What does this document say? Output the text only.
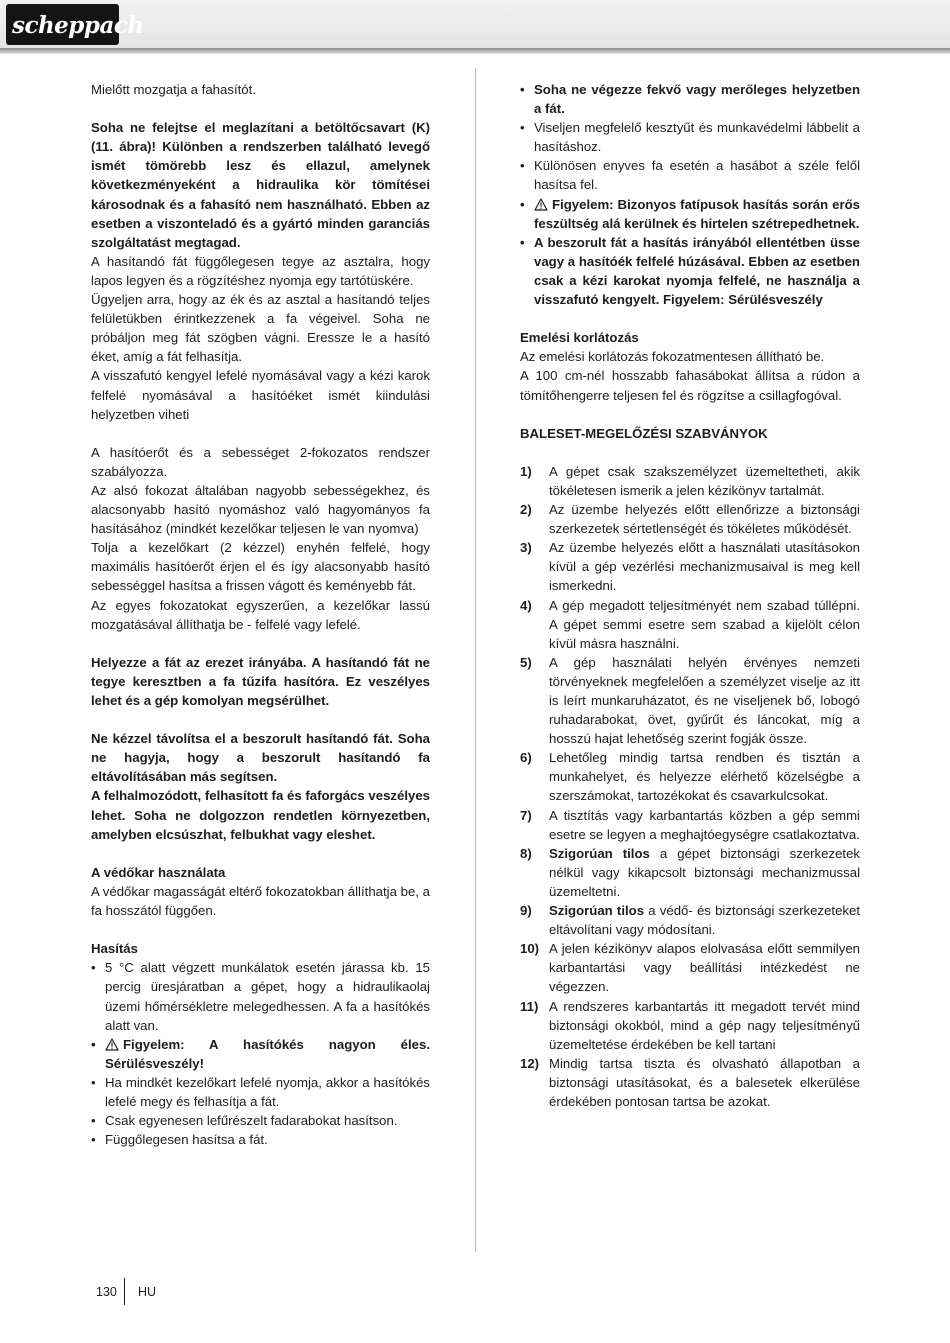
scheppach

Mielőtt mozgatja a fahasítót.

Soha ne felejtse el meglazítani a betöltőcsavart (K) (11. ábra)! Különben a rendszerben található levegő ismét tömörebb lesz és ellazul, amelynek következményeként a hidraulika kör tömítései károsodnak és a fahasító nem használható. Ebben az esetben a viszonteladó és a gyártó minden garanciás szolgáltatást megtagad.

A hasítandó fát függőlegesen tegye az asztalra, hogy lapos legyen és a rögzítéshez nyomja egy tartótüskére.

Ügyeljen arra, hogy az ék és az asztal a hasítandó teljes felületükben érintkezzenek a fa végeivel. Soha ne próbáljon meg fát szögben vágni. Eressze le a hasító éket, amíg a fát felhasítja.

A visszafutó kengyel lefelé nyomásával vagy a kézi karok felfelé nyomásával a hasítóéket ismét kiindulási helyzetben viheti

A hasítóerőt és a sebességet 2-fokozatos rendszer szabályozza.

Az alsó fokozat általában nagyobb sebességekhez, és alacsonyabb hasító nyomáshoz való hagyományos fa hasításához (mindkét kezelőkar teljesen le van nyomva)

Tolja a kezelőkart (2 kézzel) enyhén felfelé, hogy maximális hasítóerőt érjen el és így alacsonyabb hasító sebességgel hasítsa a frissen vágott és keményebb fát.

Az egyes fokozatokat egyszerűen, a kezelőkar lassú mozgatásával állíthatja be - felfelé vagy lefelé.

Helyezze a fát az erezet irányába. A hasítandó fát ne tegye keresztben a fa tűzifa hasítóra. Ez veszélyes lehet és a gép komolyan megsérülhet.

Ne kézzel távolítsa el a beszorult hasítandó fát. Soha ne hagyja, hogy a beszorult hasítandó fa eltávolításában más segítsen.

A felhalmozódott, felhasított fa és faforgács veszélyes lehet. Soha ne dolgozzon rendetlen környezetben, amelyben elcsúszhat, felbukhat vagy eleshet.

A védőkar használata

A védőkar magasságát eltérő fokozatokban állíthatja be, a fa hosszától függően.

Hasítás

• 5 °C alatt végzett munkálatok esetén járassa kb. 15 percig üresjáratban a gépet, hogy a hidraulikaolaj üzemi hőmérsékletre melegedhessen. A fa a hasítókés alatt van.
• Figyelem: A hasítókés nagyon éles. Sérülésveszély!
• Ha mindkét kezelőkart lefelé nyomja, akkor a hasítókés lefelé megy és felhasítja a fát.
• Csak egyenesen lefűrészelt fadarabokat hasítson.
• Függőlegesen hasítsa a fát.
• Soha ne végezze fekvő vagy merőleges helyzetben a fát.
• Viseljen megfelelő kesztyűt és munkavédelmi lábbelit a hasításhoz.
• Különösen enyves fa esetén a hasábot a széle felől hasítsa fel.
• Figyelem: Bizonyos fatípusok hasítás során erős feszültség alá kerülnek és hirtelen szétrepedhetnek.
• A beszorult fát a hasítás irányából ellentétben üsse vagy a hasítóék felfelé húzásával. Ebben az esetben csak a kézi karokat nyomja felfelé, ne használja a visszafutó kengyelt. Figyelem: Sérülésveszély

Emelési korlátozás

Az emelési korlátozás fokozatmentesen állítható be.

A 100 cm-nél hosszabb fahasábokat állítsa a rúdon a tömítőhengerre teljesen fel és rögzítse a csillagfogóval.

BALESET-MEGELŐZÉSI SZABVÁNYOK

1) A gépet csak szakszemélyzet üzemeltetheti, akik tökéletesen ismerik a jelen kézikönyv tartalmát.
2) Az üzembe helyezés előtt ellenőrizze a biztonsági szerkezetek sértetlenségét és tökéletes működését.
3) Az üzembe helyezés előtt a használati utasításokon kívül a gép vezérlési mechanizmusaival is meg kell ismerkedni.
4) A gép megadott teljesítményét nem szabad túllépni. A gépet semmi esetre sem szabad a kijelölt célon kívül másra használni.
5) A gép használati helyén érvényes nemzeti törvényeknek megfelelően a személyzet viselje az itt is leírt munkaruházatot, és ne viseljenek bő, lobogó ruhadarabokat, övet, gyűrűt és láncokat, míg a hosszú hajat lehetőség szerint fogják össze.
6) Lehetőleg mindig tartsa rendben és tisztán a munkahelyet, és helyezze elérhető közelségbe a szerszámokat, tartozékokat és csavarkulcsokat.
7) A tisztítás vagy karbantartás közben a gép semmi esetre se legyen a meghajtóegységre csatlakoztatva.
8) Szigorúan tilos a gépet biztonsági szerkezetek nélkül vagy kikapcsolt biztonsági mechanizmussal üzemeltetni.
9) Szigorúan tilos a védő- és biztonsági szerkezeteket eltávolítani vagy módosítani.
10) A jelen kézikönyv alapos elolvasása előtt semmilyen karbantartási vagy beállítási intézkedést ne végezzen.
11) A rendszeres karbantartás itt megadott tervét mind biztonsági okokból, mind a gép nagy teljesítményű üzemeltetése érdekében be kell tartani
12) Mindig tartsa tiszta és olvasható állapotban a biztonsági utasításokat, és a balesetek elkerülése érdekében pontosan tartsa be azokat.
130 HU
